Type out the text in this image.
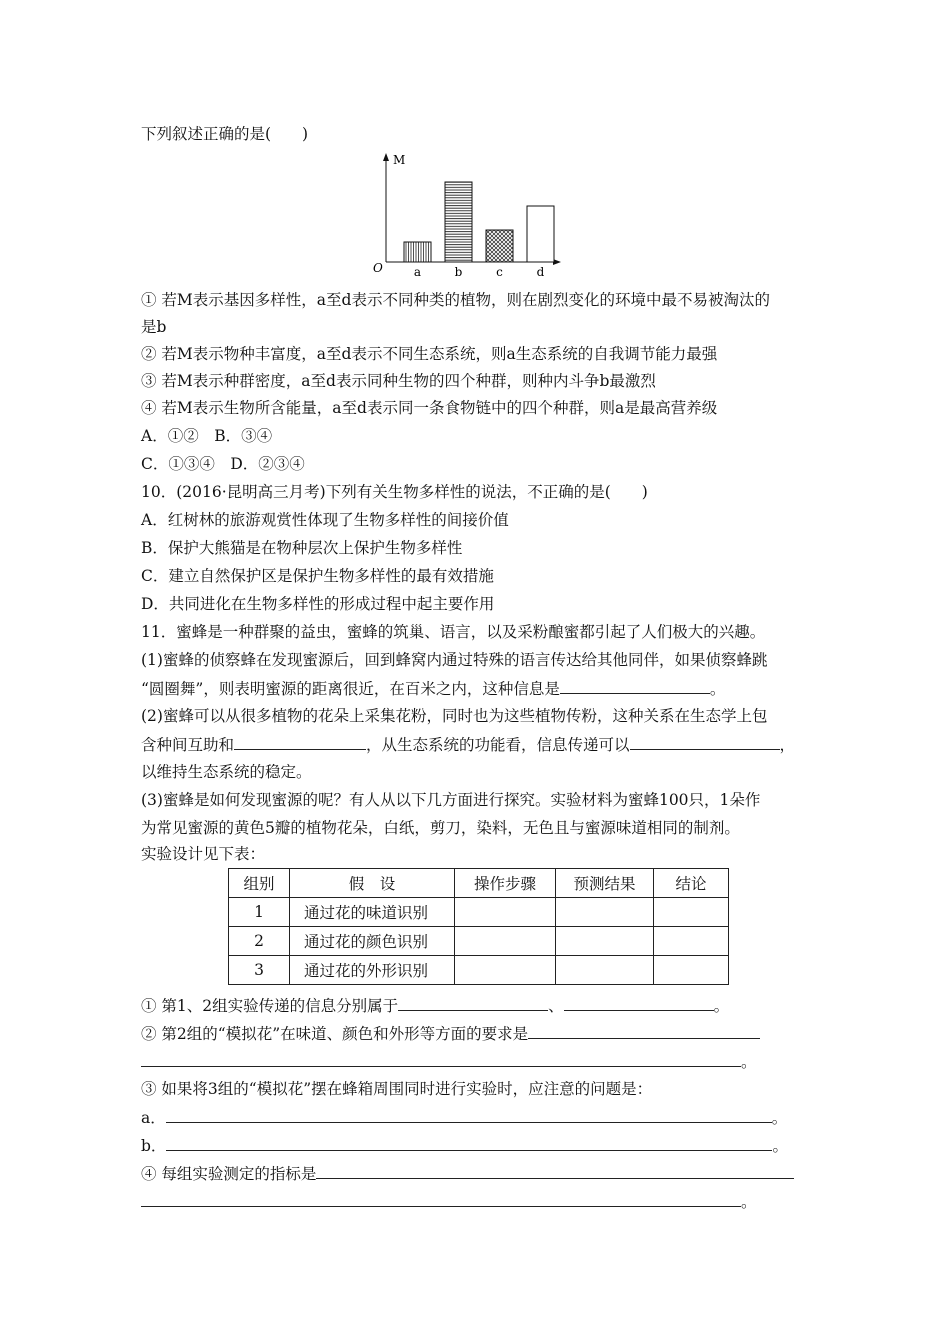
下列叙述正确的是(　　)
M
O	a	b	c	d
① 若M表示基因多样性，a至d表示不同种类的植物，则在剧烈变化的环境中最不易被淘汰的
是b
② 若M表示物种丰富度，a至d表示不同生态系统，则a生态系统的自我调节能力最强
③ 若M表示种群密度，a至d表示同种生物的四个种群，则种内斗争b最激烈
④ 若M表示生物所含能量，a至d表示同一条食物链中的四个种群，则a是最高营养级
A．①②　B．③④
C．①③④　D．②③④
10．(2016·昆明高三月考)下列有关生物多样性的说法，不正确的是(　　)
A．红树林的旅游观赏性体现了生物多样性的间接价值
B．保护大熊猫是在物种层次上保护生物多样性
C．建立自然保护区是保护生物多样性的最有效措施
D．共同进化在生物多样性的形成过程中起主要作用
11．蜜蜂是一种群聚的益虫，蜜蜂的筑巢、语言，以及采粉酿蜜都引起了人们极大的兴趣。
(1)蜜蜂的侦察蜂在发现蜜源后，回到蜂窝内通过特殊的语言传达给其他同伴，如果侦察蜂跳
“圆圈舞”，则表明蜜源的距离很近，在百米之内，这种信息是	。
(2)蜜蜂可以从很多植物的花朵上采集花粉，同时也为这些植物传粉，这种关系在生态学上包
含种间互助和	，从生态系统的功能看，信息传递可以	，
以维持生态系统的稳定。
(3)蜜蜂是如何发现蜜源的呢？有人从以下几方面进行探究。实验材料为蜜蜂100只，1朵作
为常见蜜源的黄色5瓣的植物花朵，白纸，剪刀，染料，无色且与蜜源味道相同的制剂。
实验设计见下表：
组别	假　设	操作步骤	预测结果	结论
1	通过花的味道识别			
2	通过花的颜色识别			
3	通过花的外形识别			
① 第1、2组实验传递的信息分别属于	、	。
② 第2组的“模拟花”在味道、颜色和外形等方面的要求是
。
③ 如果将3组的“模拟花”摆在蜂箱周围同时进行实验时，应注意的问题是：
a．	。
b．	。
④ 每组实验测定的指标是
。
